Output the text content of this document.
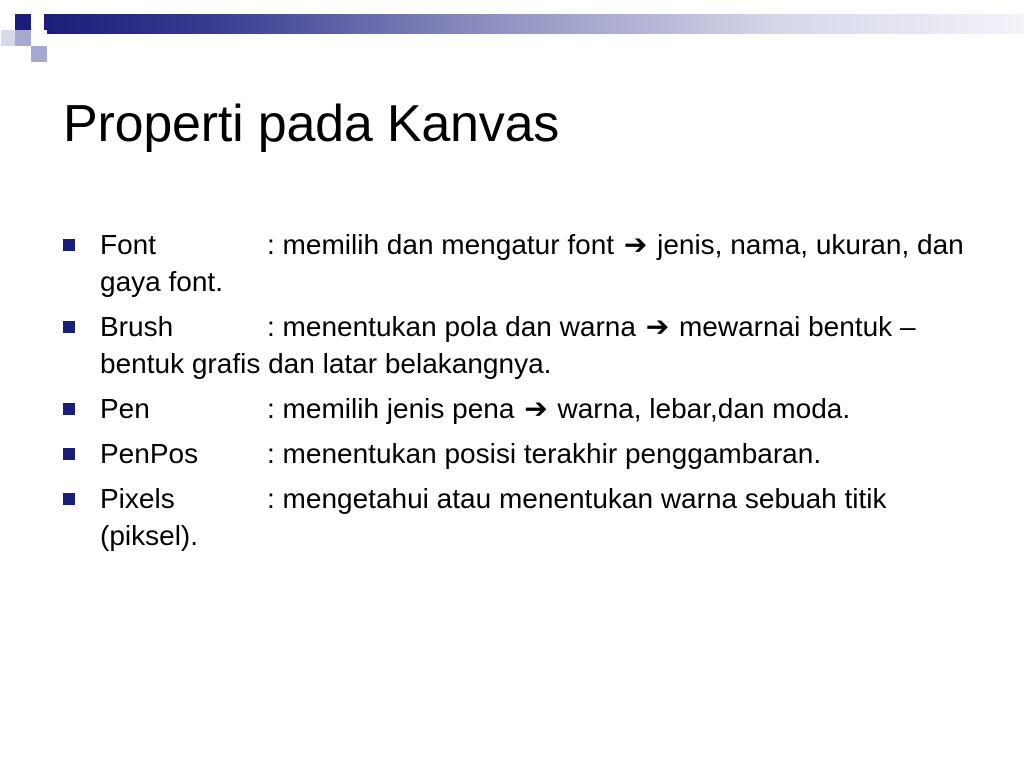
Properti pada Kanvas
Font	: memilih dan mengatur font ➔ jenis, nama, ukuran, dan gaya font.
Brush	: menentukan pola dan warna ➔ mewarnai bentuk – bentuk grafis dan latar belakangnya.
Pen	: memilih jenis pena ➔ warna, lebar,dan moda.
PenPos : menentukan posisi terakhir penggambaran.
Pixels	: mengetahui atau menentukan warna sebuah titik (piksel).
